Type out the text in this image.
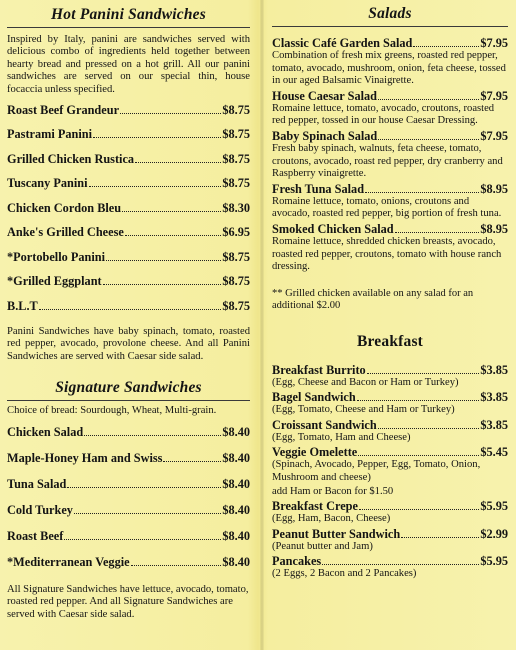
Hot Panini Sandwiches

Inspired by Italy, panini are sandwiches served with delicious combo of ingredients held together between hearty bread and pressed on a hot grill. All our panini sandwiches are served on our special thin, house focaccia unless specified.

Roast Beef Grandeur	$8.75
Pastrami Panini	$8.75
Grilled Chicken Rustica	$8.75
Tuscany Panini	$8.75
Chicken Cordon Bleu	$8.30
Anke's Grilled Cheese	$6.95
*Portobello Panini	$8.75
*Grilled Eggplant	$8.75
B.L.T	$8.75

Panini Sandwiches have baby spinach, tomato, roasted red pepper, avocado, provolone cheese. And all Panini Sandwiches are served with Caesar side salad.

Signature Sandwiches

Choice of bread: Sourdough, Wheat, Multi-grain.

Chicken Salad	$8.40
Maple-Honey Ham and Swiss	$8.40
Tuna Salad	$8.40
Cold Turkey	$8.40
Roast Beef	$8.40
*Mediterranean Veggie	$8.40

All Signature Sandwiches have lettuce, avocado, tomato, roasted red pepper. And all Signature Sandwiches are served with Caesar side salad.

Salads
Classic Café Garden Salad	$7.95

Combination of fresh mix greens, roasted red pepper, tomato, avocado, mushroom, onion, feta cheese, tossed in our aged Balsamic Vinaigrette.

House Caesar Salad	$7.95

Romaine lettuce, tomato, avocado, croutons, roasted red pepper, tossed in our house Caesar Dressing.

Baby Spinach Salad	$7.95

Fresh baby spinach, walnuts, feta cheese, tomato, croutons, avocado, roast red pepper, dry cranberry and Raspberry vinaigrette.

Fresh Tuna Salad	$8.95

Romaine lettuce, tomato, onions, croutons and avocado, roasted red pepper, big portion of fresh tuna.

Smoked Chicken Salad	$8.95

Romaine lettuce, shredded chicken breasts, avocado, roasted red pepper, croutons, tomato with house ranch dressing.

** Grilled chicken available on any salad for an additional $2.00

Breakfast
Breakfast Burrito	$3.85

(Egg, Cheese and Bacon or Ham or Turkey)

Bagel Sandwich	$3.85

(Egg, Tomato, Cheese and Ham or Turkey)

Croissant Sandwich	$3.85

(Egg, Tomato, Ham and Cheese)

Veggie Omelette	$5.45

(Spinach, Avocado, Pepper, Egg, Tomato, Onion, Mushroom and cheese)

add Ham or Bacon for $1.50

Breakfast Crepe	$5.95

(Egg, Ham, Bacon, Cheese)

Peanut Butter Sandwich	$2.99

(Peanut butter and Jam)

Pancakes	$5.95

(2 Eggs, 2 Bacon and 2 Pancakes)
